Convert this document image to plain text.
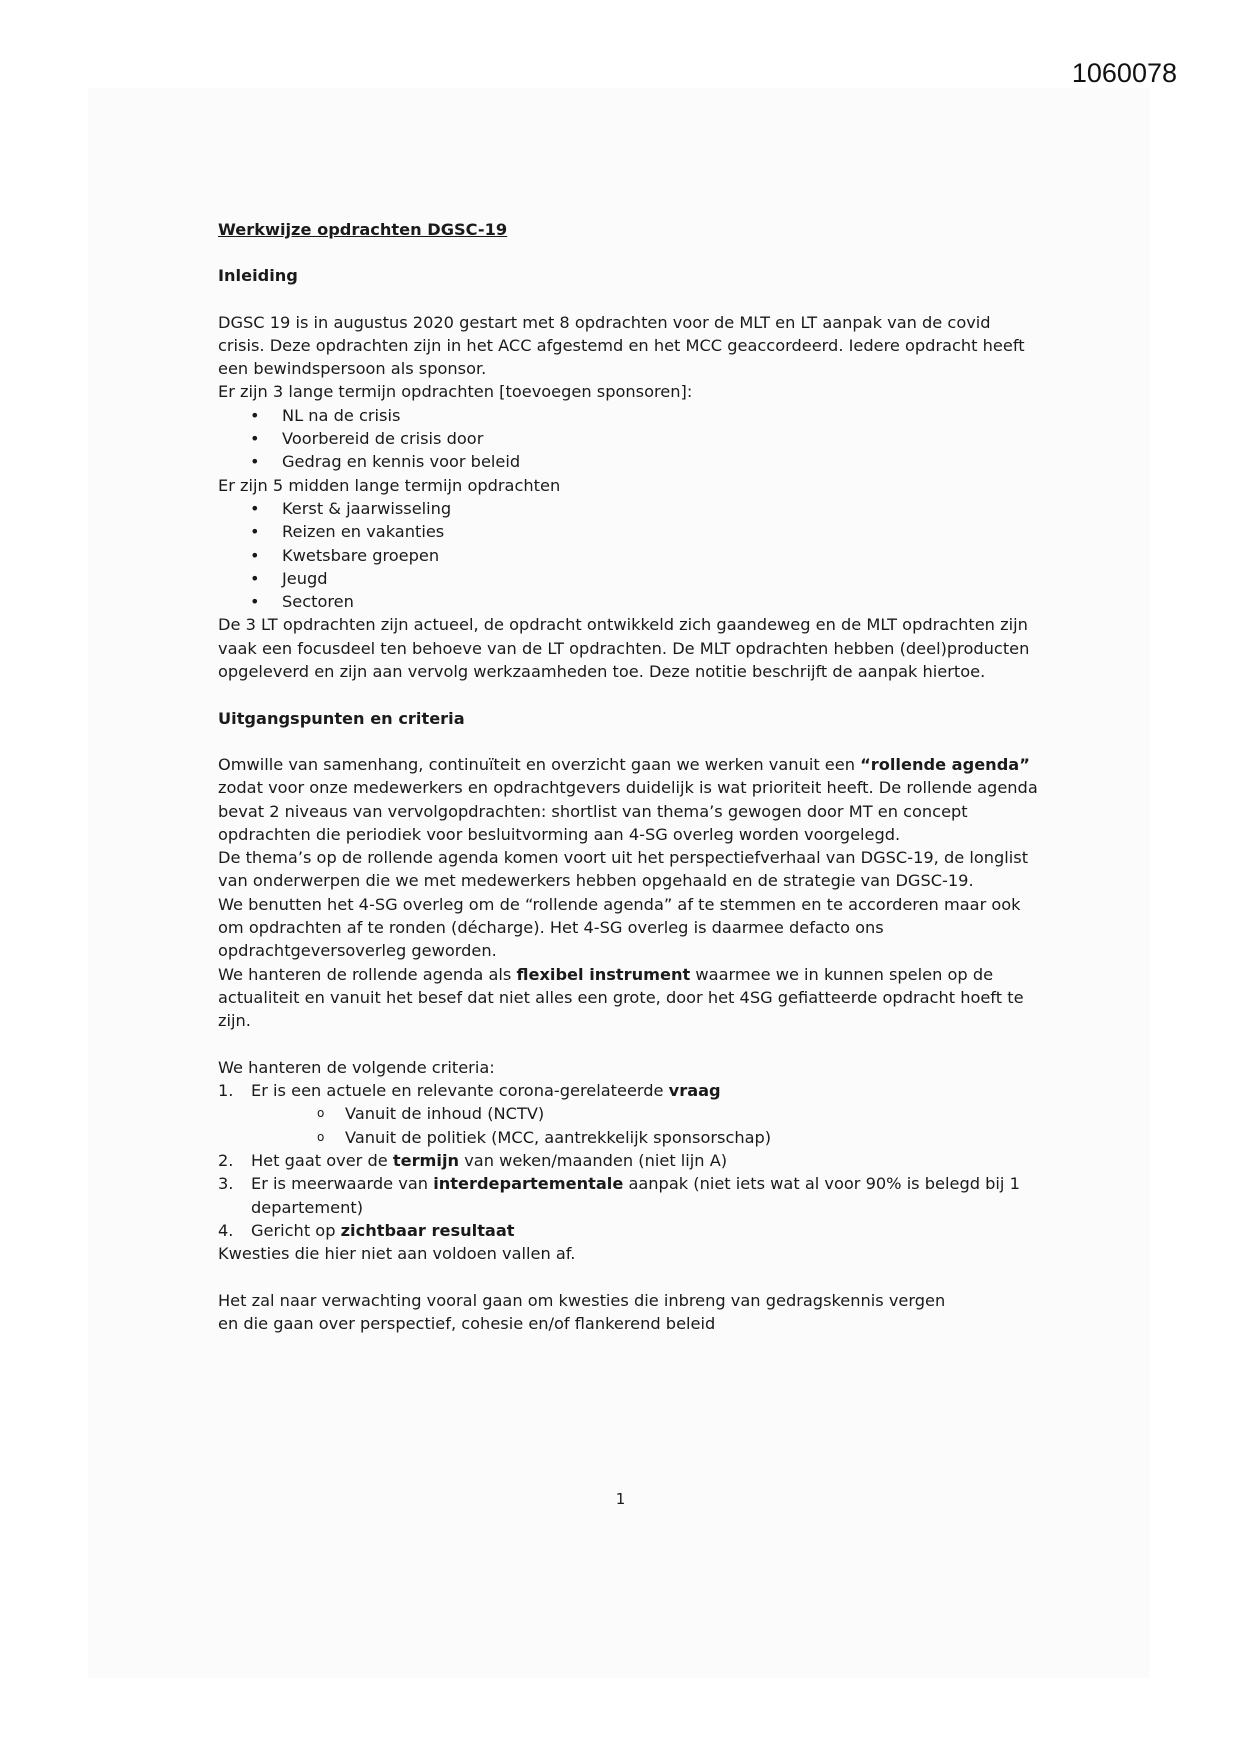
1060078

Werkwijze opdrachten DGSC-19

Inleiding

DGSC 19 is in augustus 2020 gestart met 8 opdrachten voor de MLT en LT aanpak van de covid crisis. Deze opdrachten zijn in het ACC afgestemd en het MCC geaccordeerd. Iedere opdracht heeft een bewindspersoon als sponsor.

Er zijn 3 lange termijn opdrachten [toevoegen sponsoren]:

• NL na de crisis
• Voorbereid de crisis door
• Gedrag en kennis voor beleid

Er zijn 5 midden lange termijn opdrachten

• Kerst & jaarwisseling
• Reizen en vakanties
• Kwetsbare groepen
• Jeugd
• Sectoren

De 3 LT opdrachten zijn actueel, de opdracht ontwikkeld zich gaandeweg en de MLT opdrachten zijn vaak een focusdeel ten behoeve van de LT opdrachten. De MLT opdrachten hebben (deel)producten opgeleverd en zijn aan vervolg werkzaamheden toe. Deze notitie beschrijft de aanpak hiertoe.

Uitgangspunten en criteria

Omwille van samenhang, continuïteit en overzicht gaan we werken vanuit een “rollende agenda” zodat voor onze medewerkers en opdrachtgevers duidelijk is wat prioriteit heeft. De rollende agenda bevat 2 niveaus van vervolgopdrachten: shortlist van thema’s gewogen door MT en concept opdrachten die periodiek voor besluitvorming aan 4-SG overleg worden voorgelegd.

De thema’s op de rollende agenda komen voort uit het perspectiefverhaal van DGSC-19, de longlist van onderwerpen die we met medewerkers hebben opgehaald en de strategie van DGSC-19.

We benutten het 4-SG overleg om de “rollende agenda” af te stemmen en te accorderen maar ook om opdrachten af te ronden (décharge). Het 4-SG overleg is daarmee defacto ons opdrachtgeversoverleg geworden.

We hanteren de rollende agenda als flexibel instrument waarmee we in kunnen spelen op de actualiteit en vanuit het besef dat niet alles een grote, door het 4SG gefiatteerde opdracht hoeft te zijn.

We hanteren de volgende criteria:

1. Er is een actuele en relevante corona-gerelateerde vraag
o Vanuit de inhoud (NCTV)
o Vanuit de politiek (MCC, aantrekkelijk sponsorschap)
2. Het gaat over de termijn van weken/maanden (niet lijn A)
3. Er is meerwaarde van interdepartementale aanpak (niet iets wat al voor 90% is belegd bij 1 departement)
4. Gericht op zichtbaar resultaat

Kwesties die hier niet aan voldoen vallen af.

Het zal naar verwachting vooral gaan om kwesties die inbreng van gedragskennis vergen

en die gaan over perspectief, cohesie en/of flankerend beleid

1
